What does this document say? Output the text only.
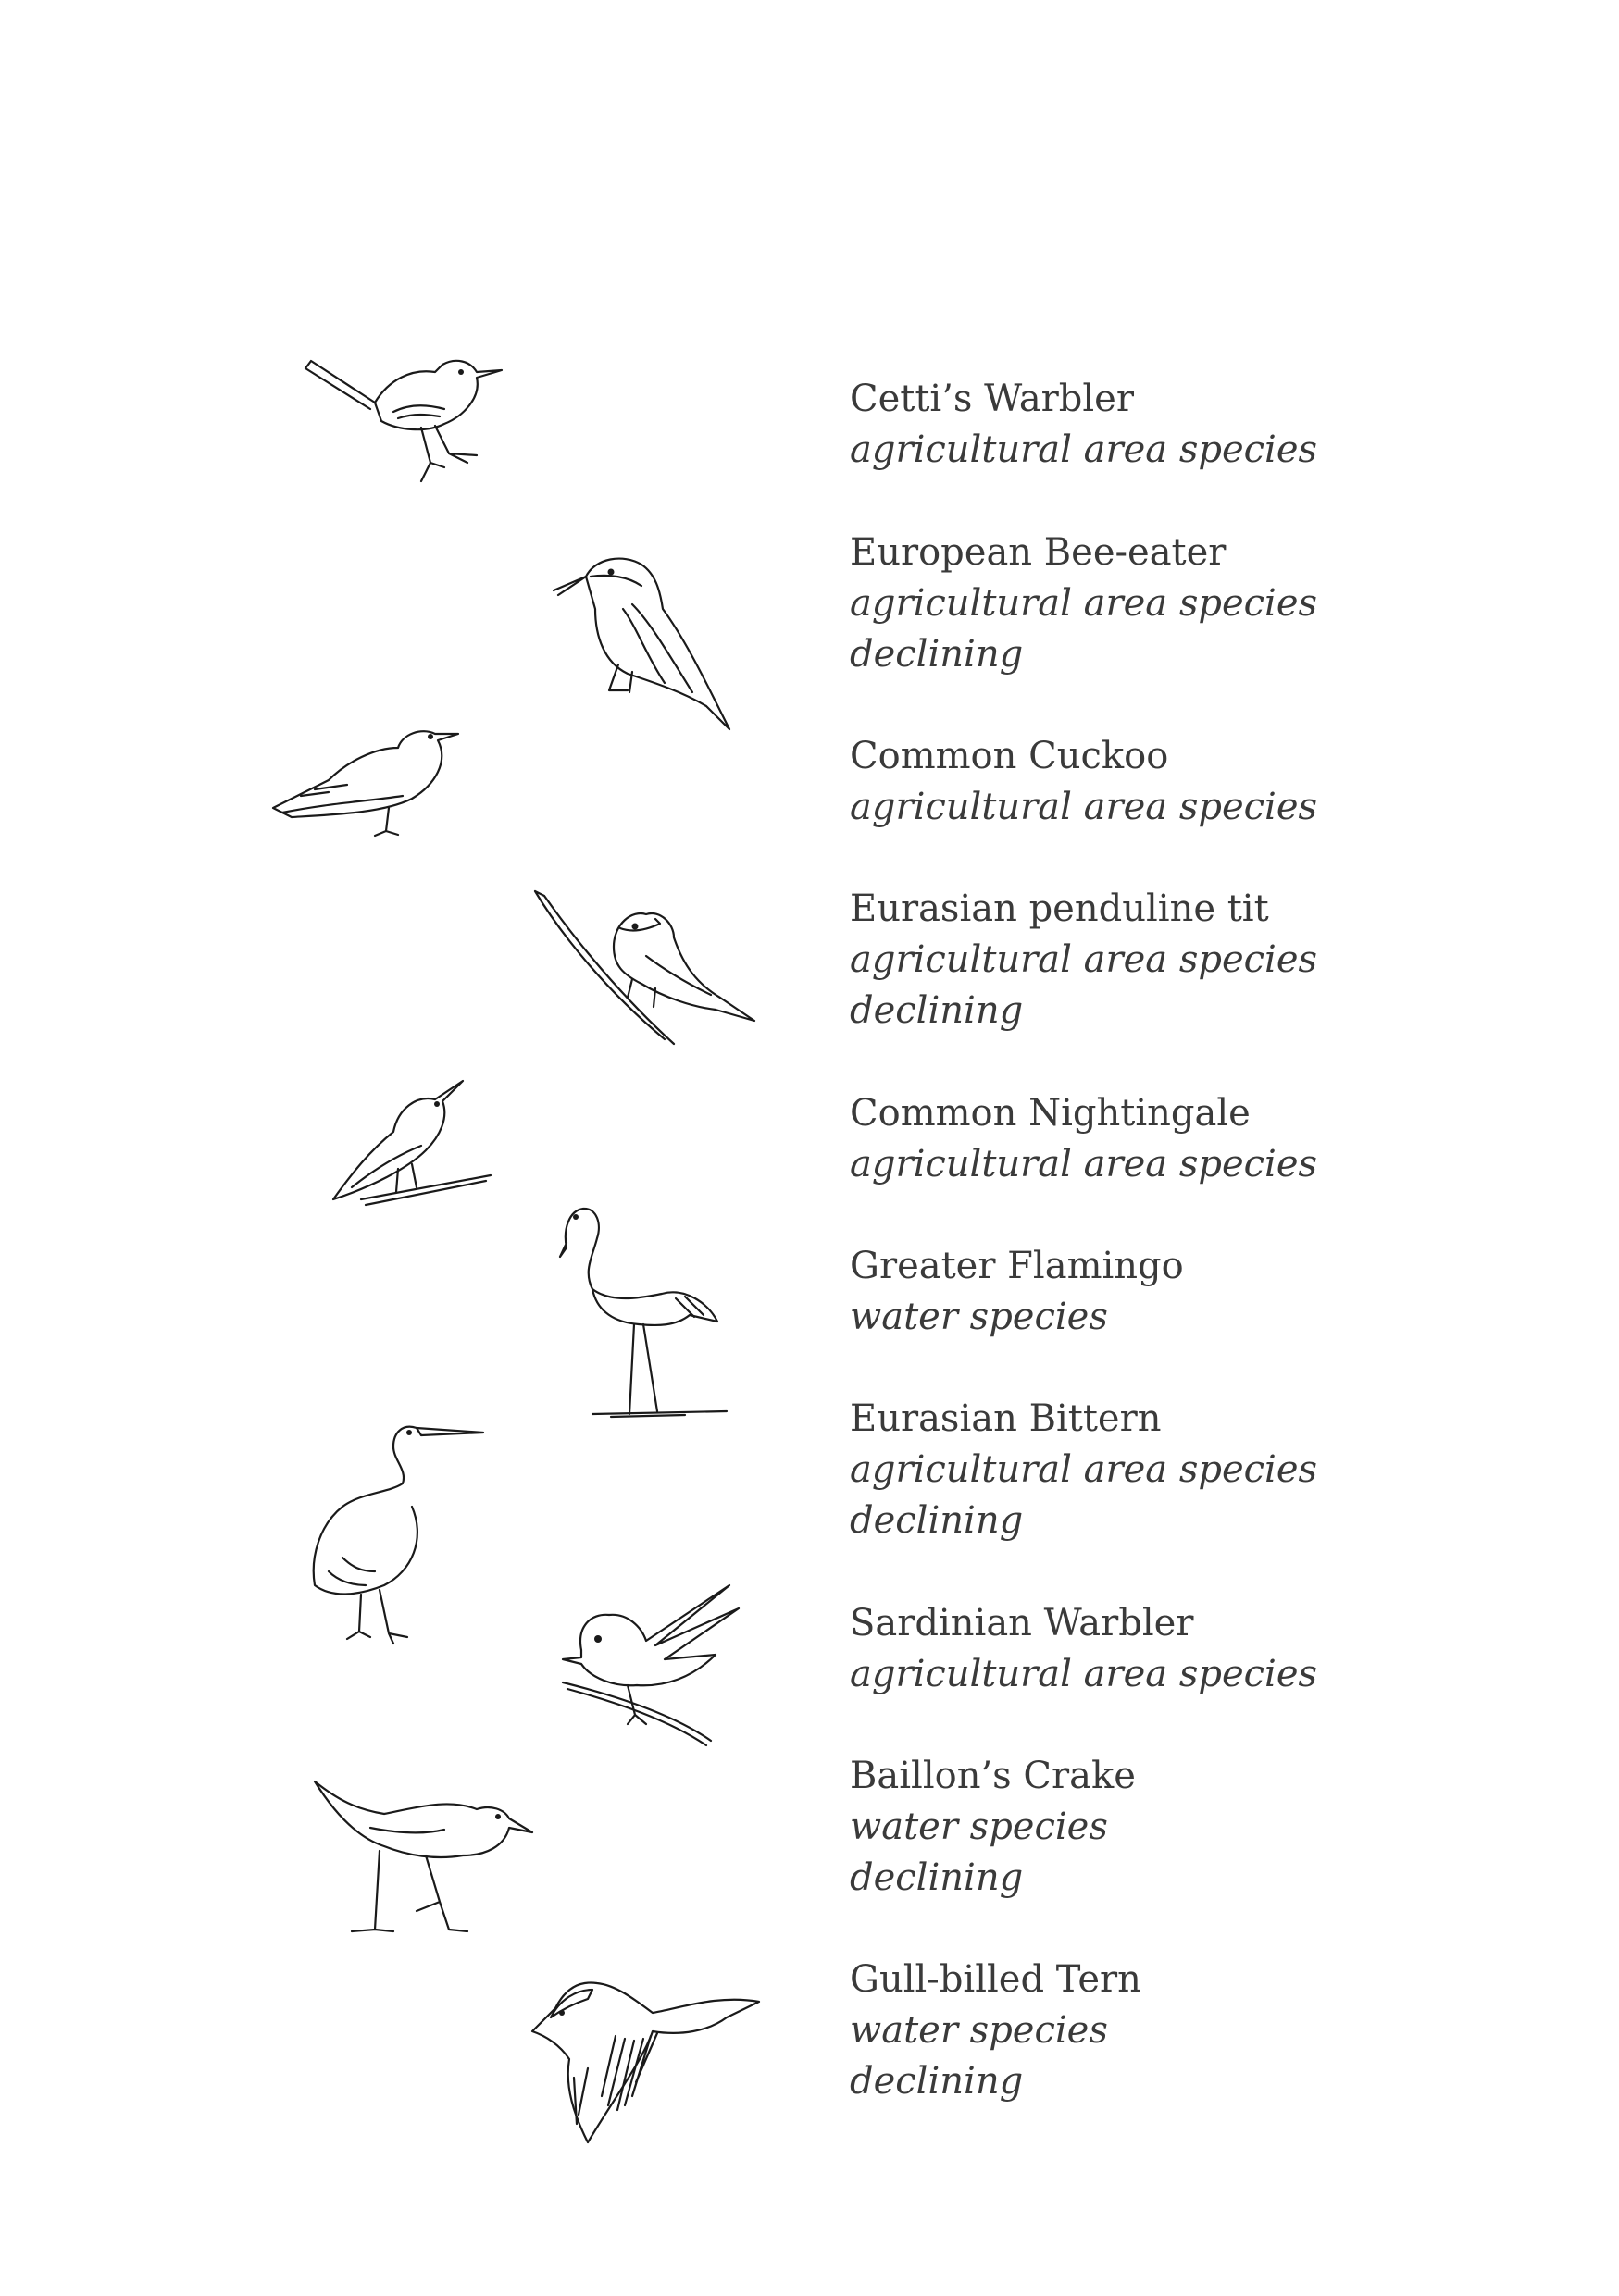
Cetti’s Warbler
agricultural area species
European Bee-eater
agricultural area species
declining
Common Cuckoo
agricultural area species
Eurasian penduline tit
agricultural area species
declining
Common Nightingale
agricultural area species
Greater Flamingo
water species
Eurasian Bittern
agricultural area species
declining
Sardinian Warbler
agricultural area species
Baillon’s Crake
water species
declining
Gull-billed Tern
water species
declining
